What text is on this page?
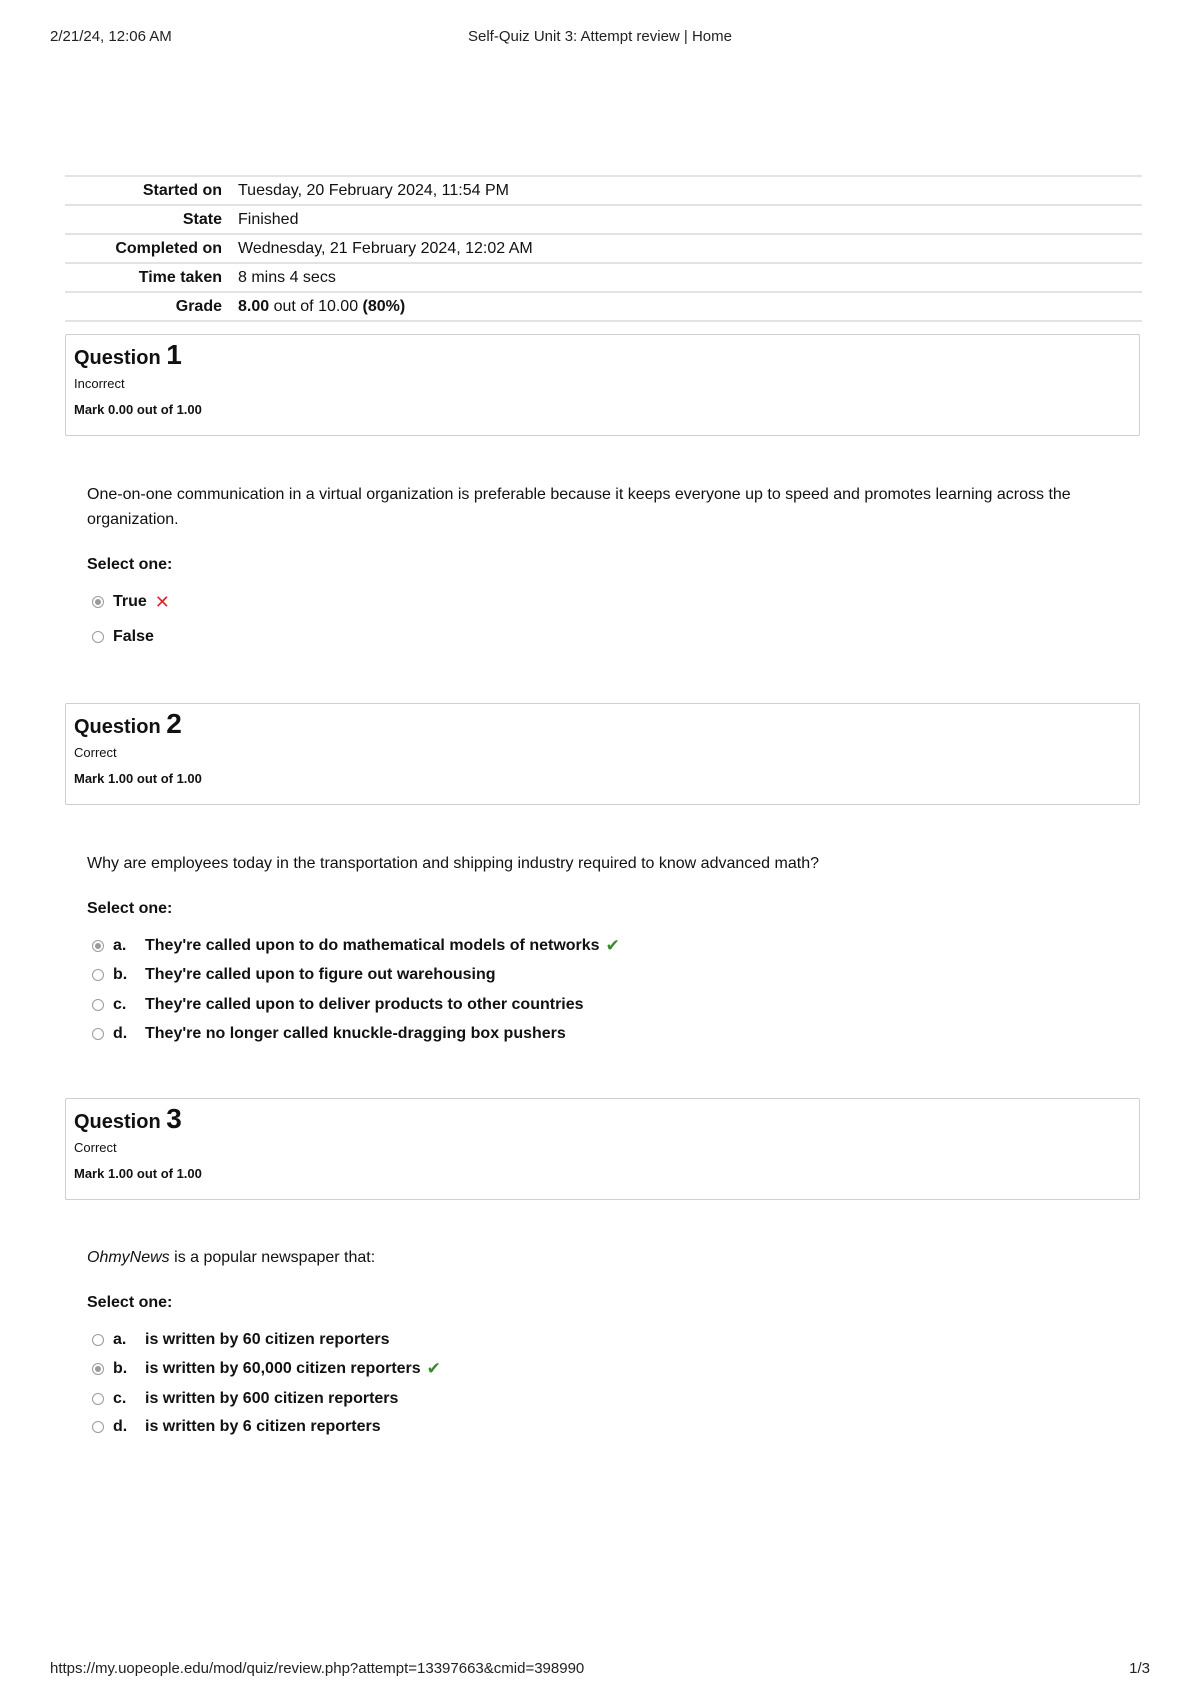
2/21/24, 12:06 AM	Self-Quiz Unit 3: Attempt review | Home
Started on	Tuesday, 20 February 2024, 11:54 PM
State	Finished
Completed on	Wednesday, 21 February 2024, 12:02 AM
Time taken	8 mins 4 secs
Grade	8.00 out of 10.00 (80%)
Question 1
Incorrect
Mark 0.00 out of 1.00
One-on-one communication in a virtual organization is preferable because it keeps everyone up to speed and promotes learning across the organization.
Select one:
True ✕
False
Question 2
Correct
Mark 1.00 out of 1.00
Why are employees today in the transportation and shipping industry required to know advanced math?
Select one:
a.	They're called upon to do mathematical models of networks ✔
b.	They're called upon to figure out warehousing
c.	They're called upon to deliver products to other countries
d.	They're no longer called knuckle-dragging box pushers
Question 3
Correct
Mark 1.00 out of 1.00
OhmyNews is a popular newspaper that:
Select one:
a.	is written by 60 citizen reporters
b.	is written by 60,000 citizen reporters ✔
c.	is written by 600 citizen reporters
d.	is written by 6 citizen reporters
https://my.uopeople.edu/mod/quiz/review.php?attempt=13397663&cmid=398990	1/3
